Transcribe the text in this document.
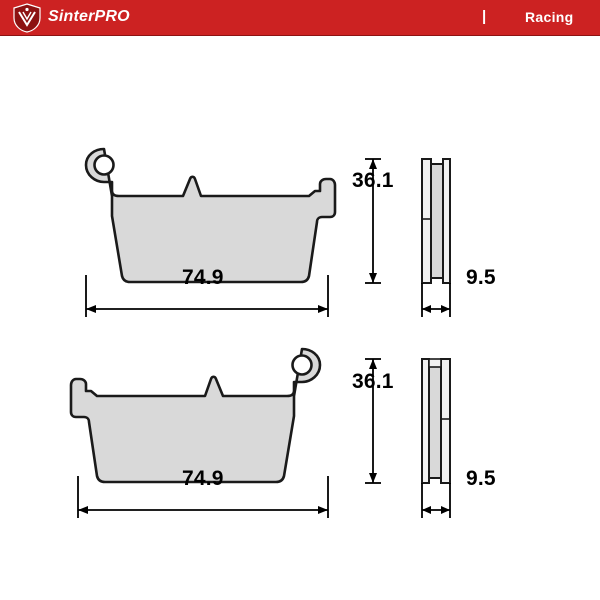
SinterPRO	|	Racing
36.1
9.5
74.9
36.1
9.5
74.9
